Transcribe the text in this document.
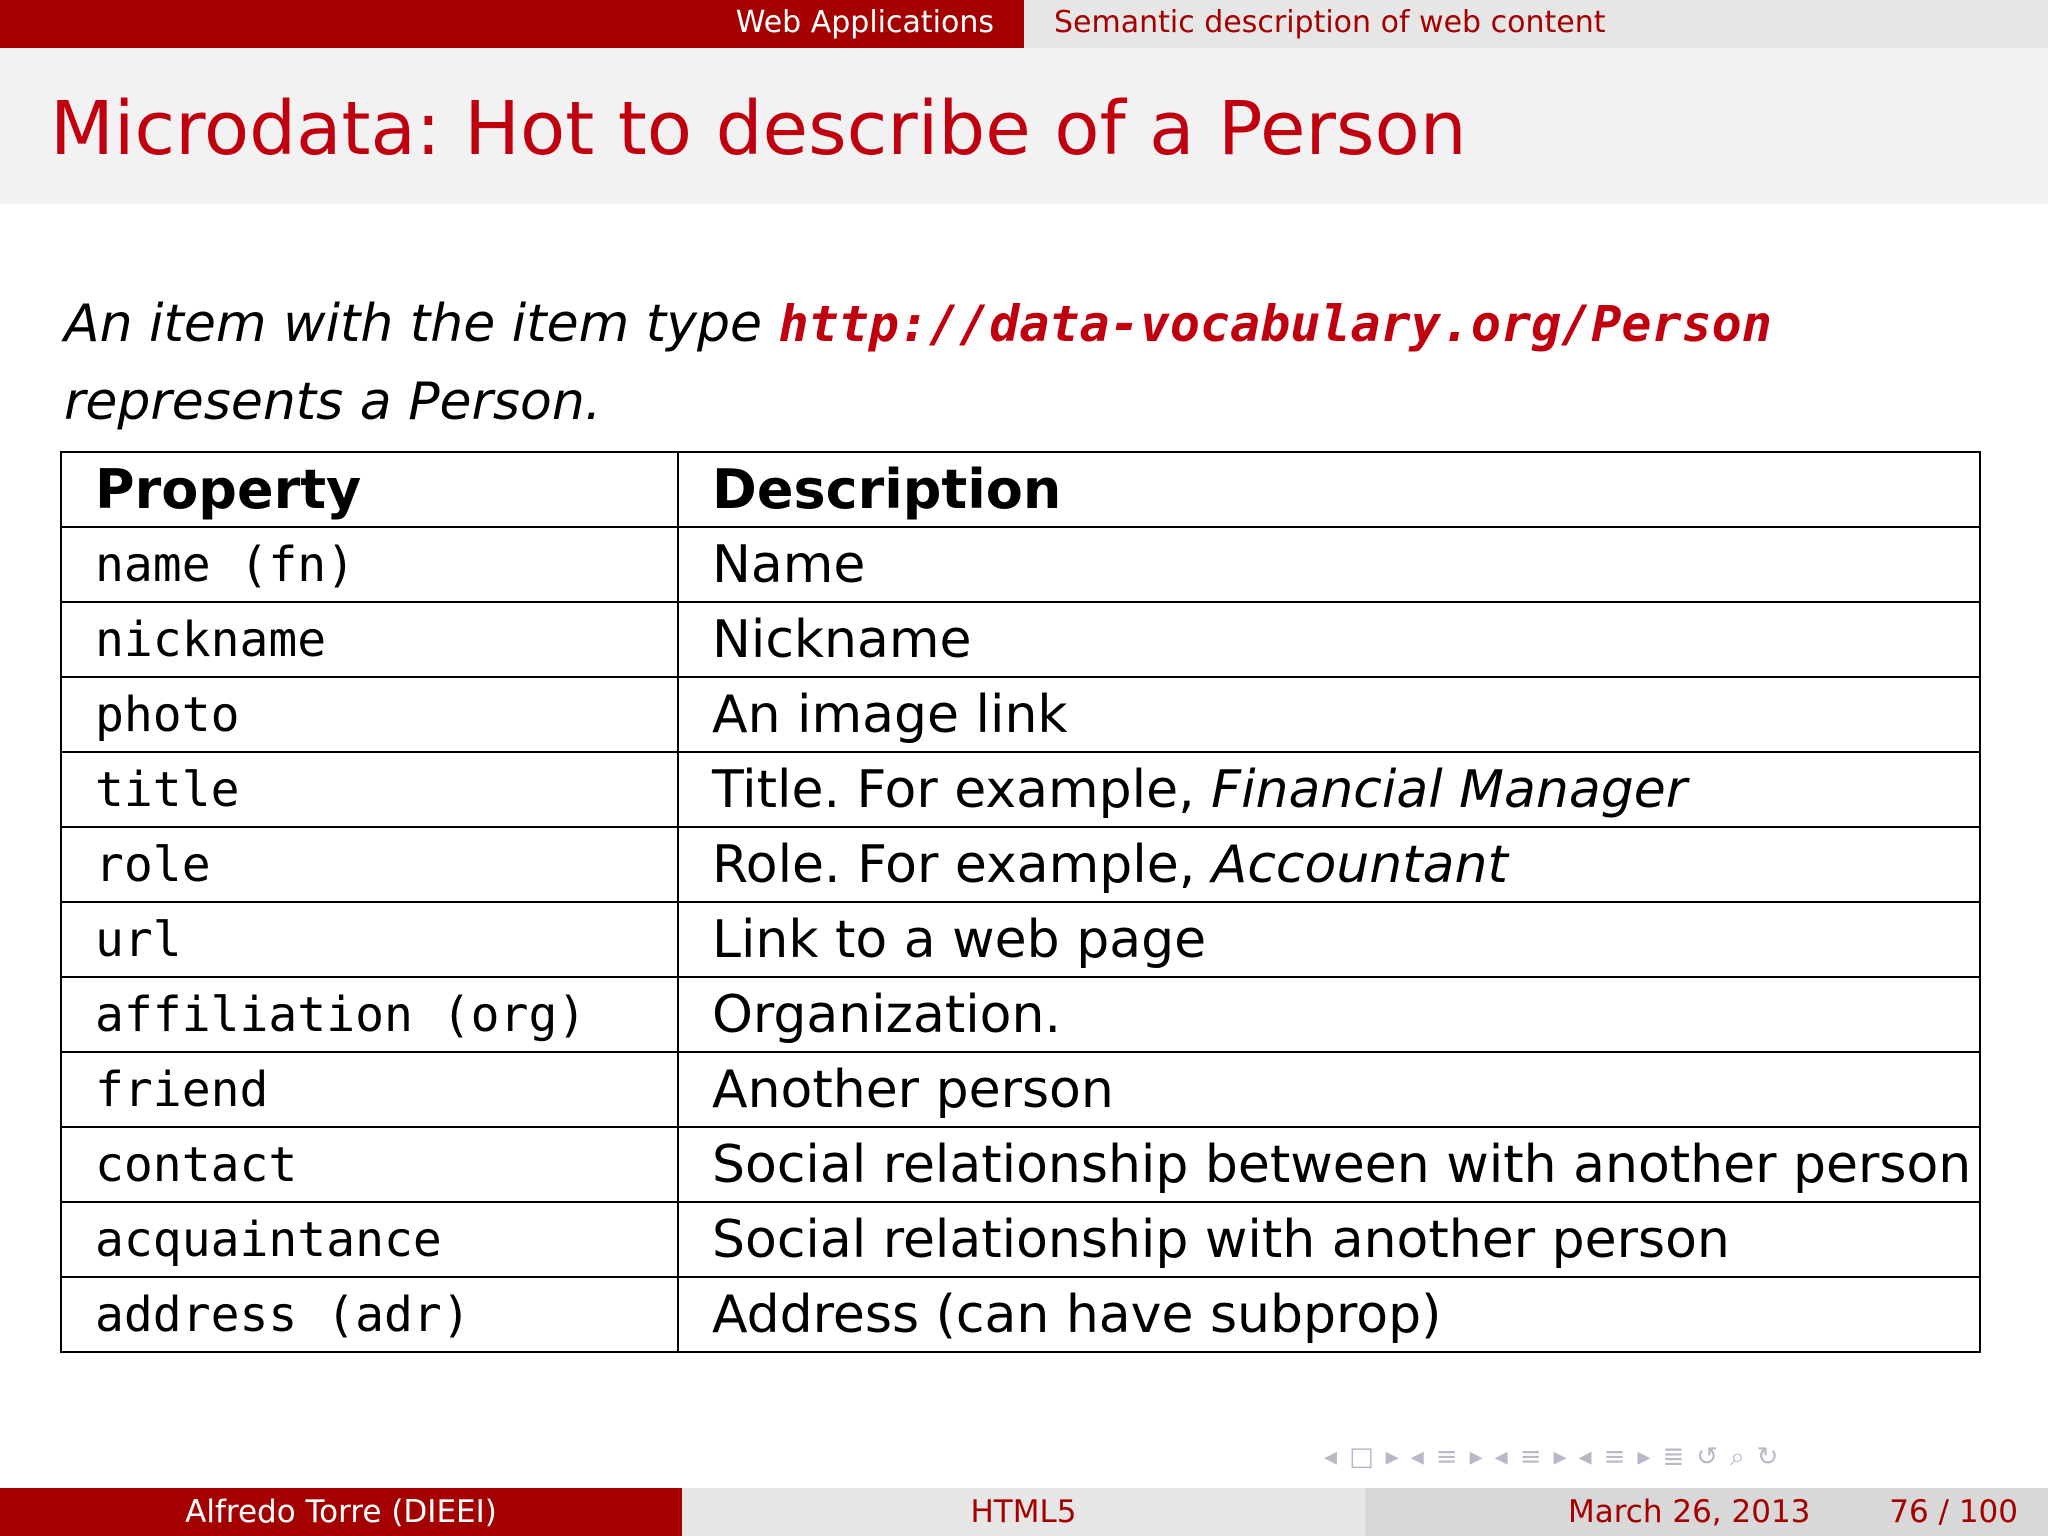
Web Applications	Semantic description of web content
Microdata: Hot to describe of a Person
An item with the item type http://data-vocabulary.org/Person represents a Person.
Property	Description
name (fn)	Name
nickname	Nickname
photo	An image link
title	Title. For example, Financial Manager
role	Role. For example, Accountant
url	Link to a web page
affiliation (org)	Organization.
friend	Another person
contact	Social relationship between with another person
acquaintance	Social relationship with another person
address (adr)	Address (can have subprop)
◂ □ ▸ ◂ ≡ ▸ ◂ ≡ ▸ ◂ ≡ ▸ ≣ ↺ ⌕ ↻
Alfredo Torre (DIEEI)	HTML5	March 26, 2013	76 / 100
